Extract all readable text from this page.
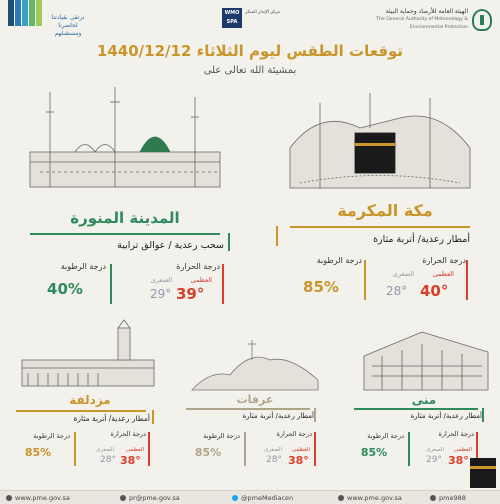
الهيئة العامة للأرصاد وحماية البيئة
The General Authority of Meteorology & Environmental Protection
WMO SPA
مركز الإنذار المبكر
نرتقي بقيادتنا لحاضرنا ومستقبلهم
توقعات الطقس ليوم الثلاثاء 1440/12/12
بمشيئة الله تعالى على
مكة المكرمة
أمطار رعدية/ أتربة مثارة
درجة الحرارة
العظمى
الصغرى
40°
28°
درجة الرطوبة
85%
المدينة المنورة
سحب رعدية / عوالق ترابية
درجة الحرارة
العظمى
الصغرى
39°
29°
درجة الرطوبة
40%
مزدلفة
أمطار رعدية/ أتربة مثارة
درجة الحرارة
العظمى
الصغرى
38°
28°
درجة الرطوبة
85%
عرفات
أمطار رعدية/ أتربة مثارة
درجة الحرارة
العظمى
الصغرى
38°
28°
درجة الرطوبة
85%
منى
أمطار رعدية/ أتربة مثارة
درجة الحرارة
العظمى
الصغرى
38°
29°
درجة الرطوبة
85%
www.pme.gov.sa	pr@pme.gov.sa	@pmeMediacen	www.pme.gov.sa	pme988
